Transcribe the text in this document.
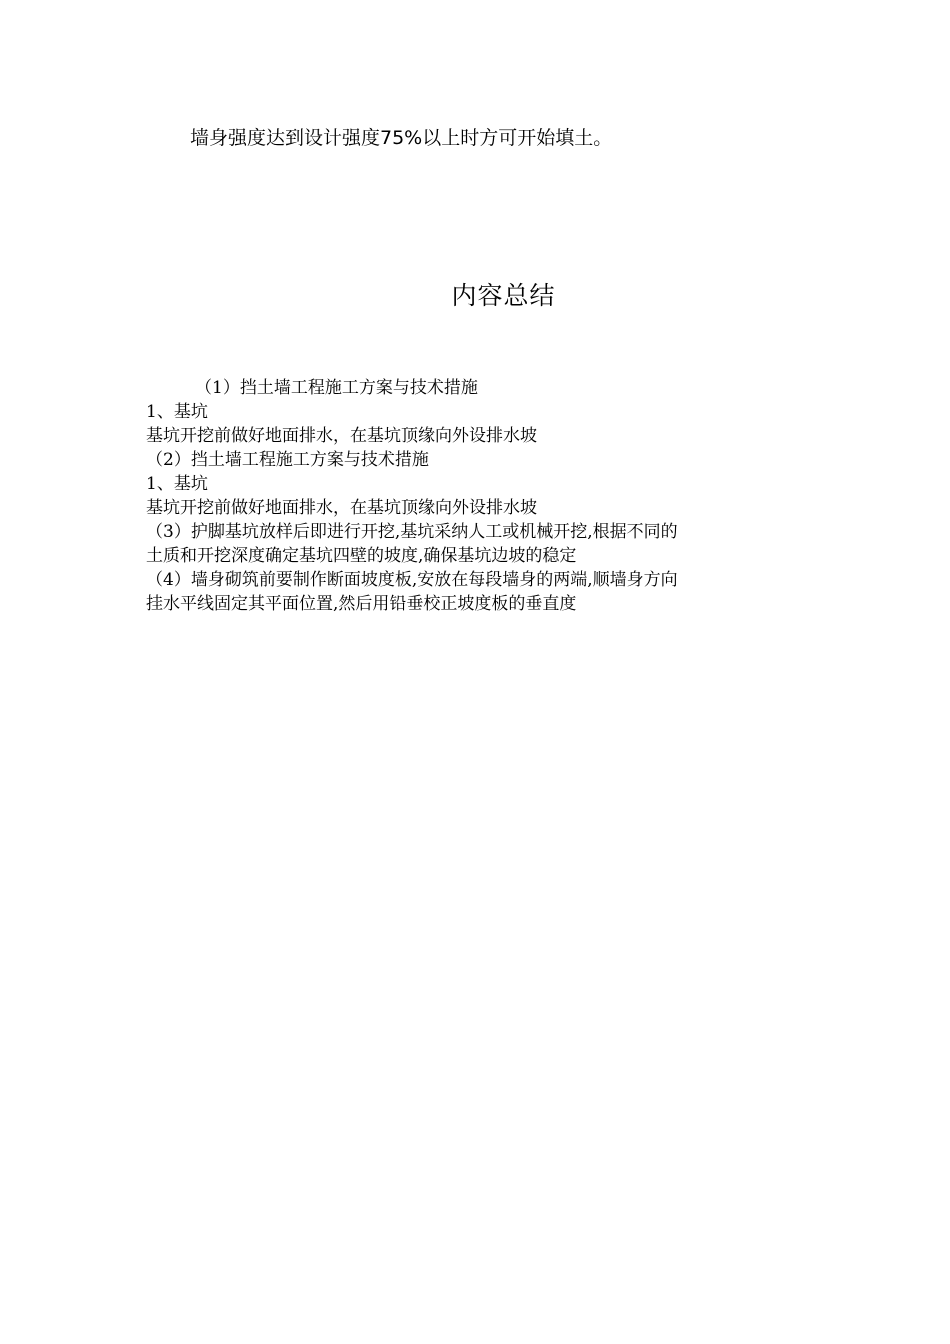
墙身强度达到设计强度75%以上时方可开始填土。
内容总结
（1）挡土墙工程施工方案与技术措施
1、基坑
基坑开挖前做好地面排水，在基坑顶缘向外设排水坡
（2）挡土墙工程施工方案与技术措施
1、基坑
基坑开挖前做好地面排水，在基坑顶缘向外设排水坡
（3）护脚基坑放样后即进行开挖,基坑采纳人工或机械开挖,根据不同的
土质和开挖深度确定基坑四壁的坡度,确保基坑边坡的稳定
（4）墙身砌筑前要制作断面坡度板,安放在每段墙身的两端,顺墙身方向
挂水平线固定其平面位置,然后用铅垂校正坡度板的垂直度
